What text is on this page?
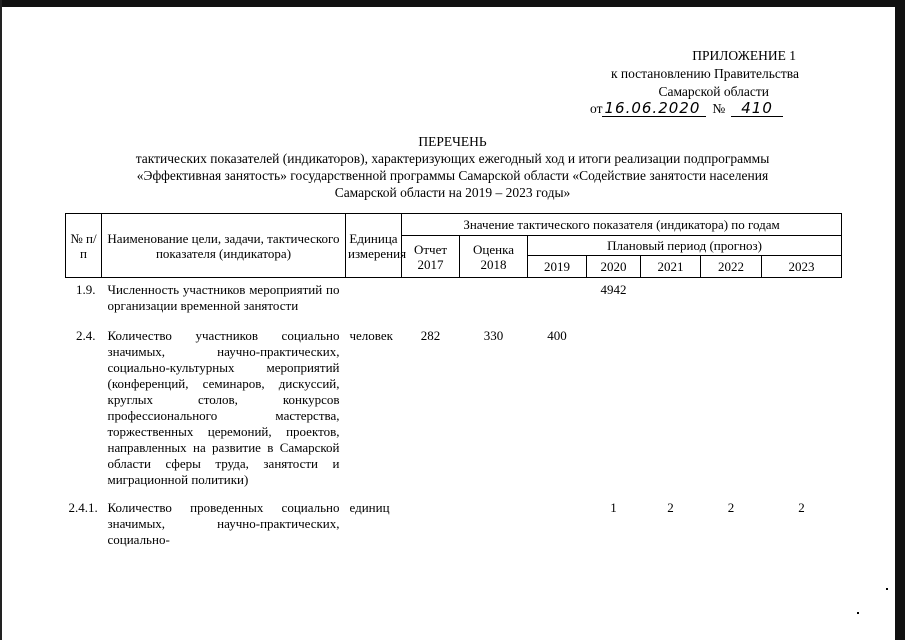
ПРИЛОЖЕНИЕ 1
к постановлению Правительства
Самарской области
от 16.06.2020 №	410
ПЕРЕЧЕНЬ
тактических показателей (индикаторов), характеризующих ежегодный ход и итоги реализации подпрограммы
«Эффективная занятость» государственной программы Самарской области «Содействие занятости населения
Самарской области на 2019 – 2023 годы»
№ п/п	Наименование цели, задачи, тактического показателя (индикатора)	Единица измерения	Значение тактического показателя (индикатора) по годам						
			Отчет 2017	Оценка 2018	Плановый период (прогноз)				
					2019	2020	2021	2022	2023
1.9.	Численность участников мероприятий по организации временной занятости					4942			
2.4.	Количество участников социально значимых, научно-практических, социально-культурных мероприятий (конференций, семинаров, дискуссий, круглых столов, конкурсов профессионального мастерства, торжественных церемоний, проектов, направленных на развитие в Самарской области сферы труда, занятости и миграционной политики)	человек	282	330	400				
2.4.1.	Количество проведенных социально значимых, научно-практических, социально-	единиц				1	2	2	2
